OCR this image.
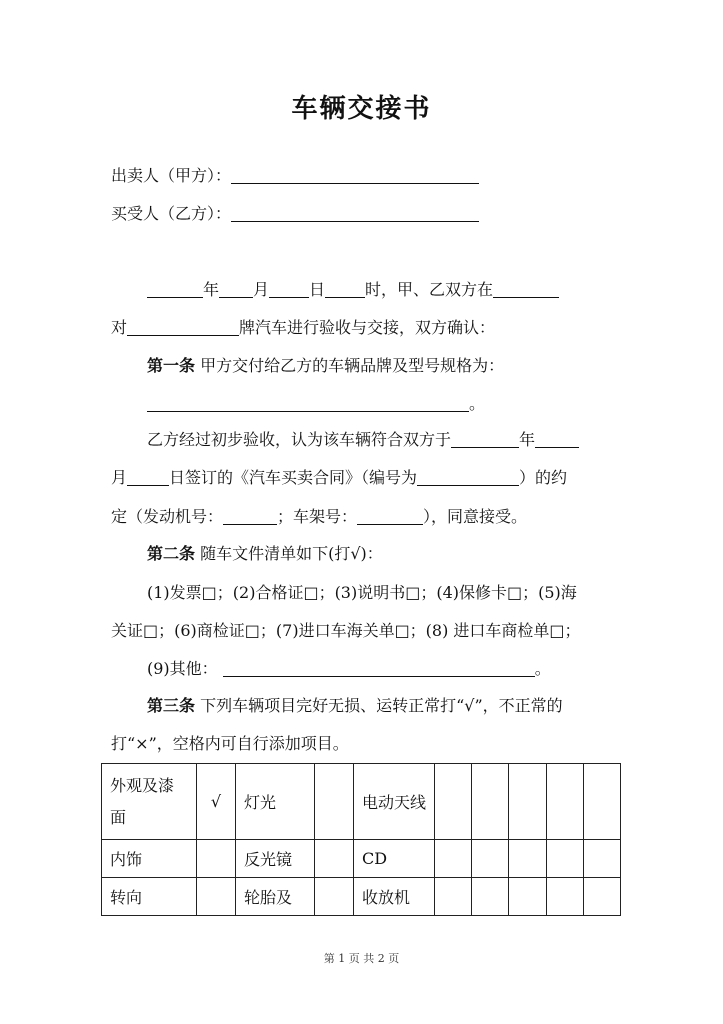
车辆交接书
出卖人（甲方）：
买受人（乙方）：
年 月	日	时，甲、乙双方在
对	牌汽车进行验收与交接，双方确认：
第一条 甲方交付给乙方的车辆品牌及型号规格为：
。
乙方经过初步验收，认为该车辆符合双方于	年
月	日签订的《汽车买卖合同》（编号为	）的约
定（发动机号：	；车架号：	），同意接受。
第二条 随车文件清单如下(打√)：
(1)发票□；(2)合格证□；(3)说明书□；(4)保修卡□；(5)海
关证□；(6)商检证□；(7)进口车海关单□；(8) 进口车商检单□；
(9)其他：	。
第三条 下列车辆项目完好无损、运转正常打“√”，不正常的
打“×”，空格内可自行添加项目。
外观及漆
面	√	灯光		电动天线					
内饰		反光镜		CD					
转向		轮胎及		收放机					
第 1 页 共 2 页
